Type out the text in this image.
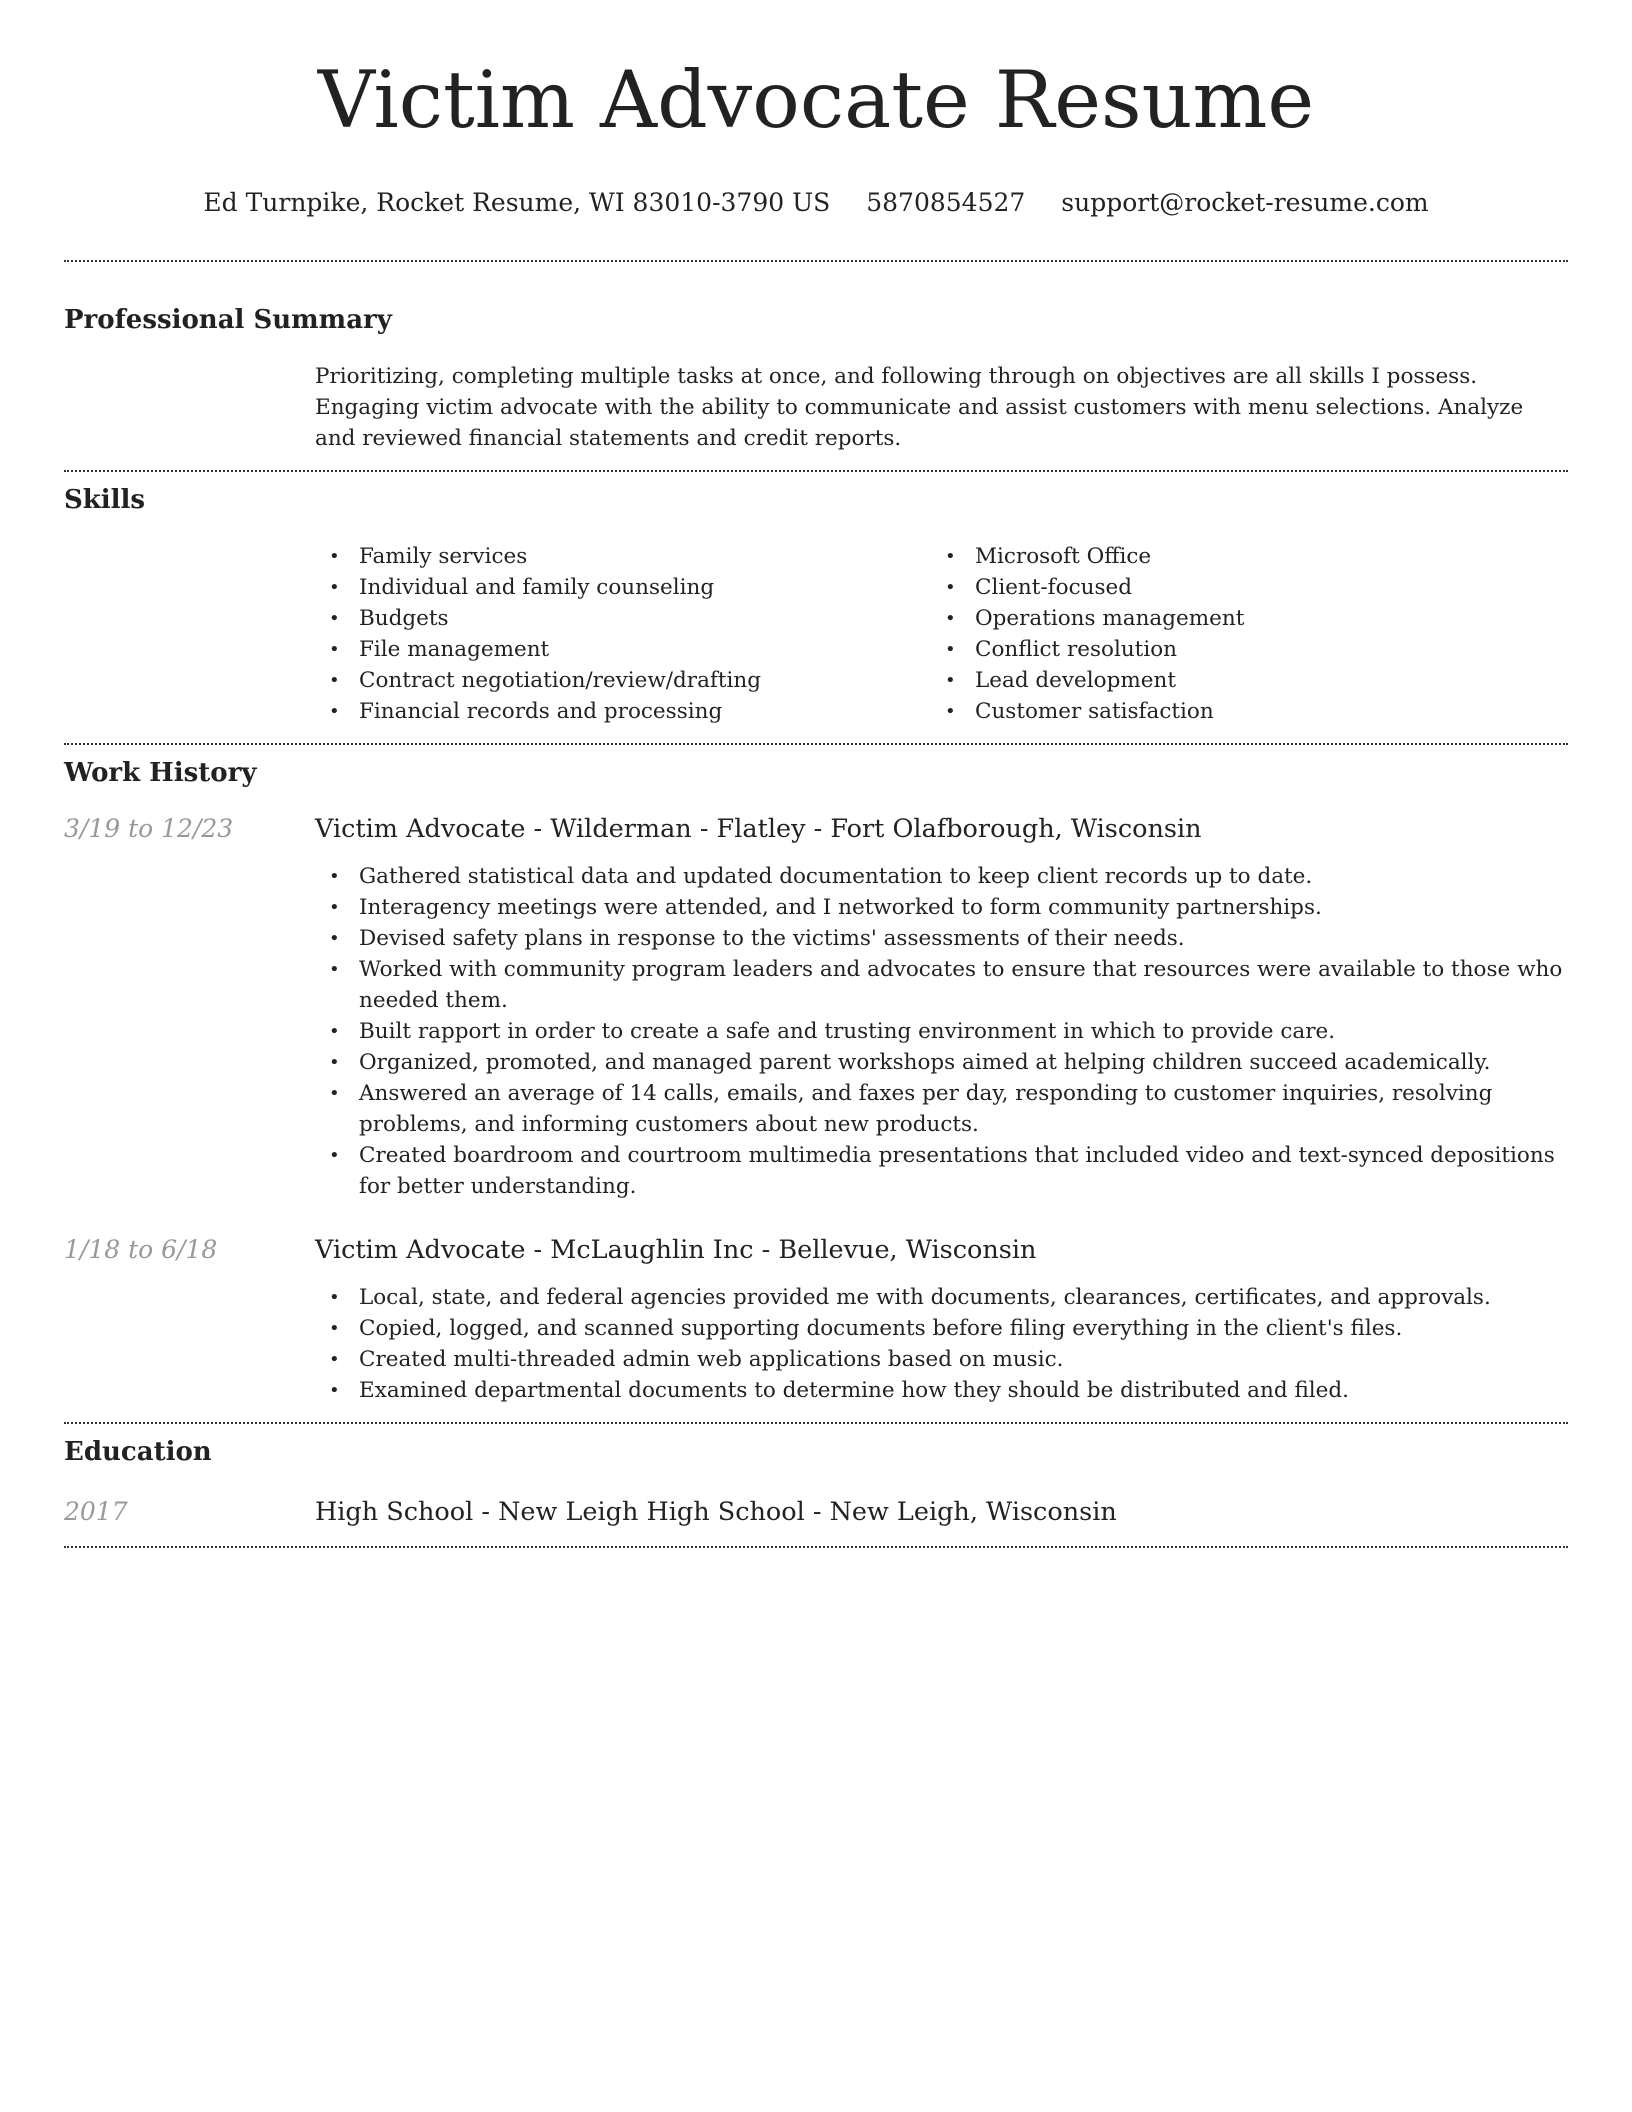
Victim Advocate Resume
Ed Turnpike, Rocket Resume, WI 83010-3790 US 5870854527 support@rocket-resume.com
Professional Summary

Prioritizing, completing multiple tasks at once, and following through on objectives are all skills I possess. Engaging victim advocate with the ability to communicate and assist customers with menu selections. Analyze and reviewed financial statements and credit reports.

Skills
• Family services
• Individual and family counseling
• Budgets
• File management
• Contract negotiation/review/drafting
• Financial records and processing
• Microsoft Office
• Client-focused
• Operations management
• Conflict resolution
• Lead development
• Customer satisfaction
Work History
3/19 to 12/23	Victim Advocate - Wilderman - Flatley - Fort Olafborough, Wisconsin
• Gathered statistical data and updated documentation to keep client records up to date.
• Interagency meetings were attended, and I networked to form community partnerships.
• Devised safety plans in response to the victims' assessments of their needs.
• Worked with community program leaders and advocates to ensure that resources were available to those who needed them.
• Built rapport in order to create a safe and trusting environment in which to provide care.
• Organized, promoted, and managed parent workshops aimed at helping children succeed academically.
• Answered an average of 14 calls, emails, and faxes per day, responding to customer inquiries, resolving problems, and informing customers about new products.
• Created boardroom and courtroom multimedia presentations that included video and text-synced depositions for better understanding.
1/18 to 6/18	Victim Advocate - McLaughlin Inc - Bellevue, Wisconsin
• Local, state, and federal agencies provided me with documents, clearances, certificates, and approvals.
• Copied, logged, and scanned supporting documents before filing everything in the client's files.
• Created multi-threaded admin web applications based on music.
• Examined departmental documents to determine how they should be distributed and filed.
Education
2017	High School - New Leigh High School - New Leigh, Wisconsin
